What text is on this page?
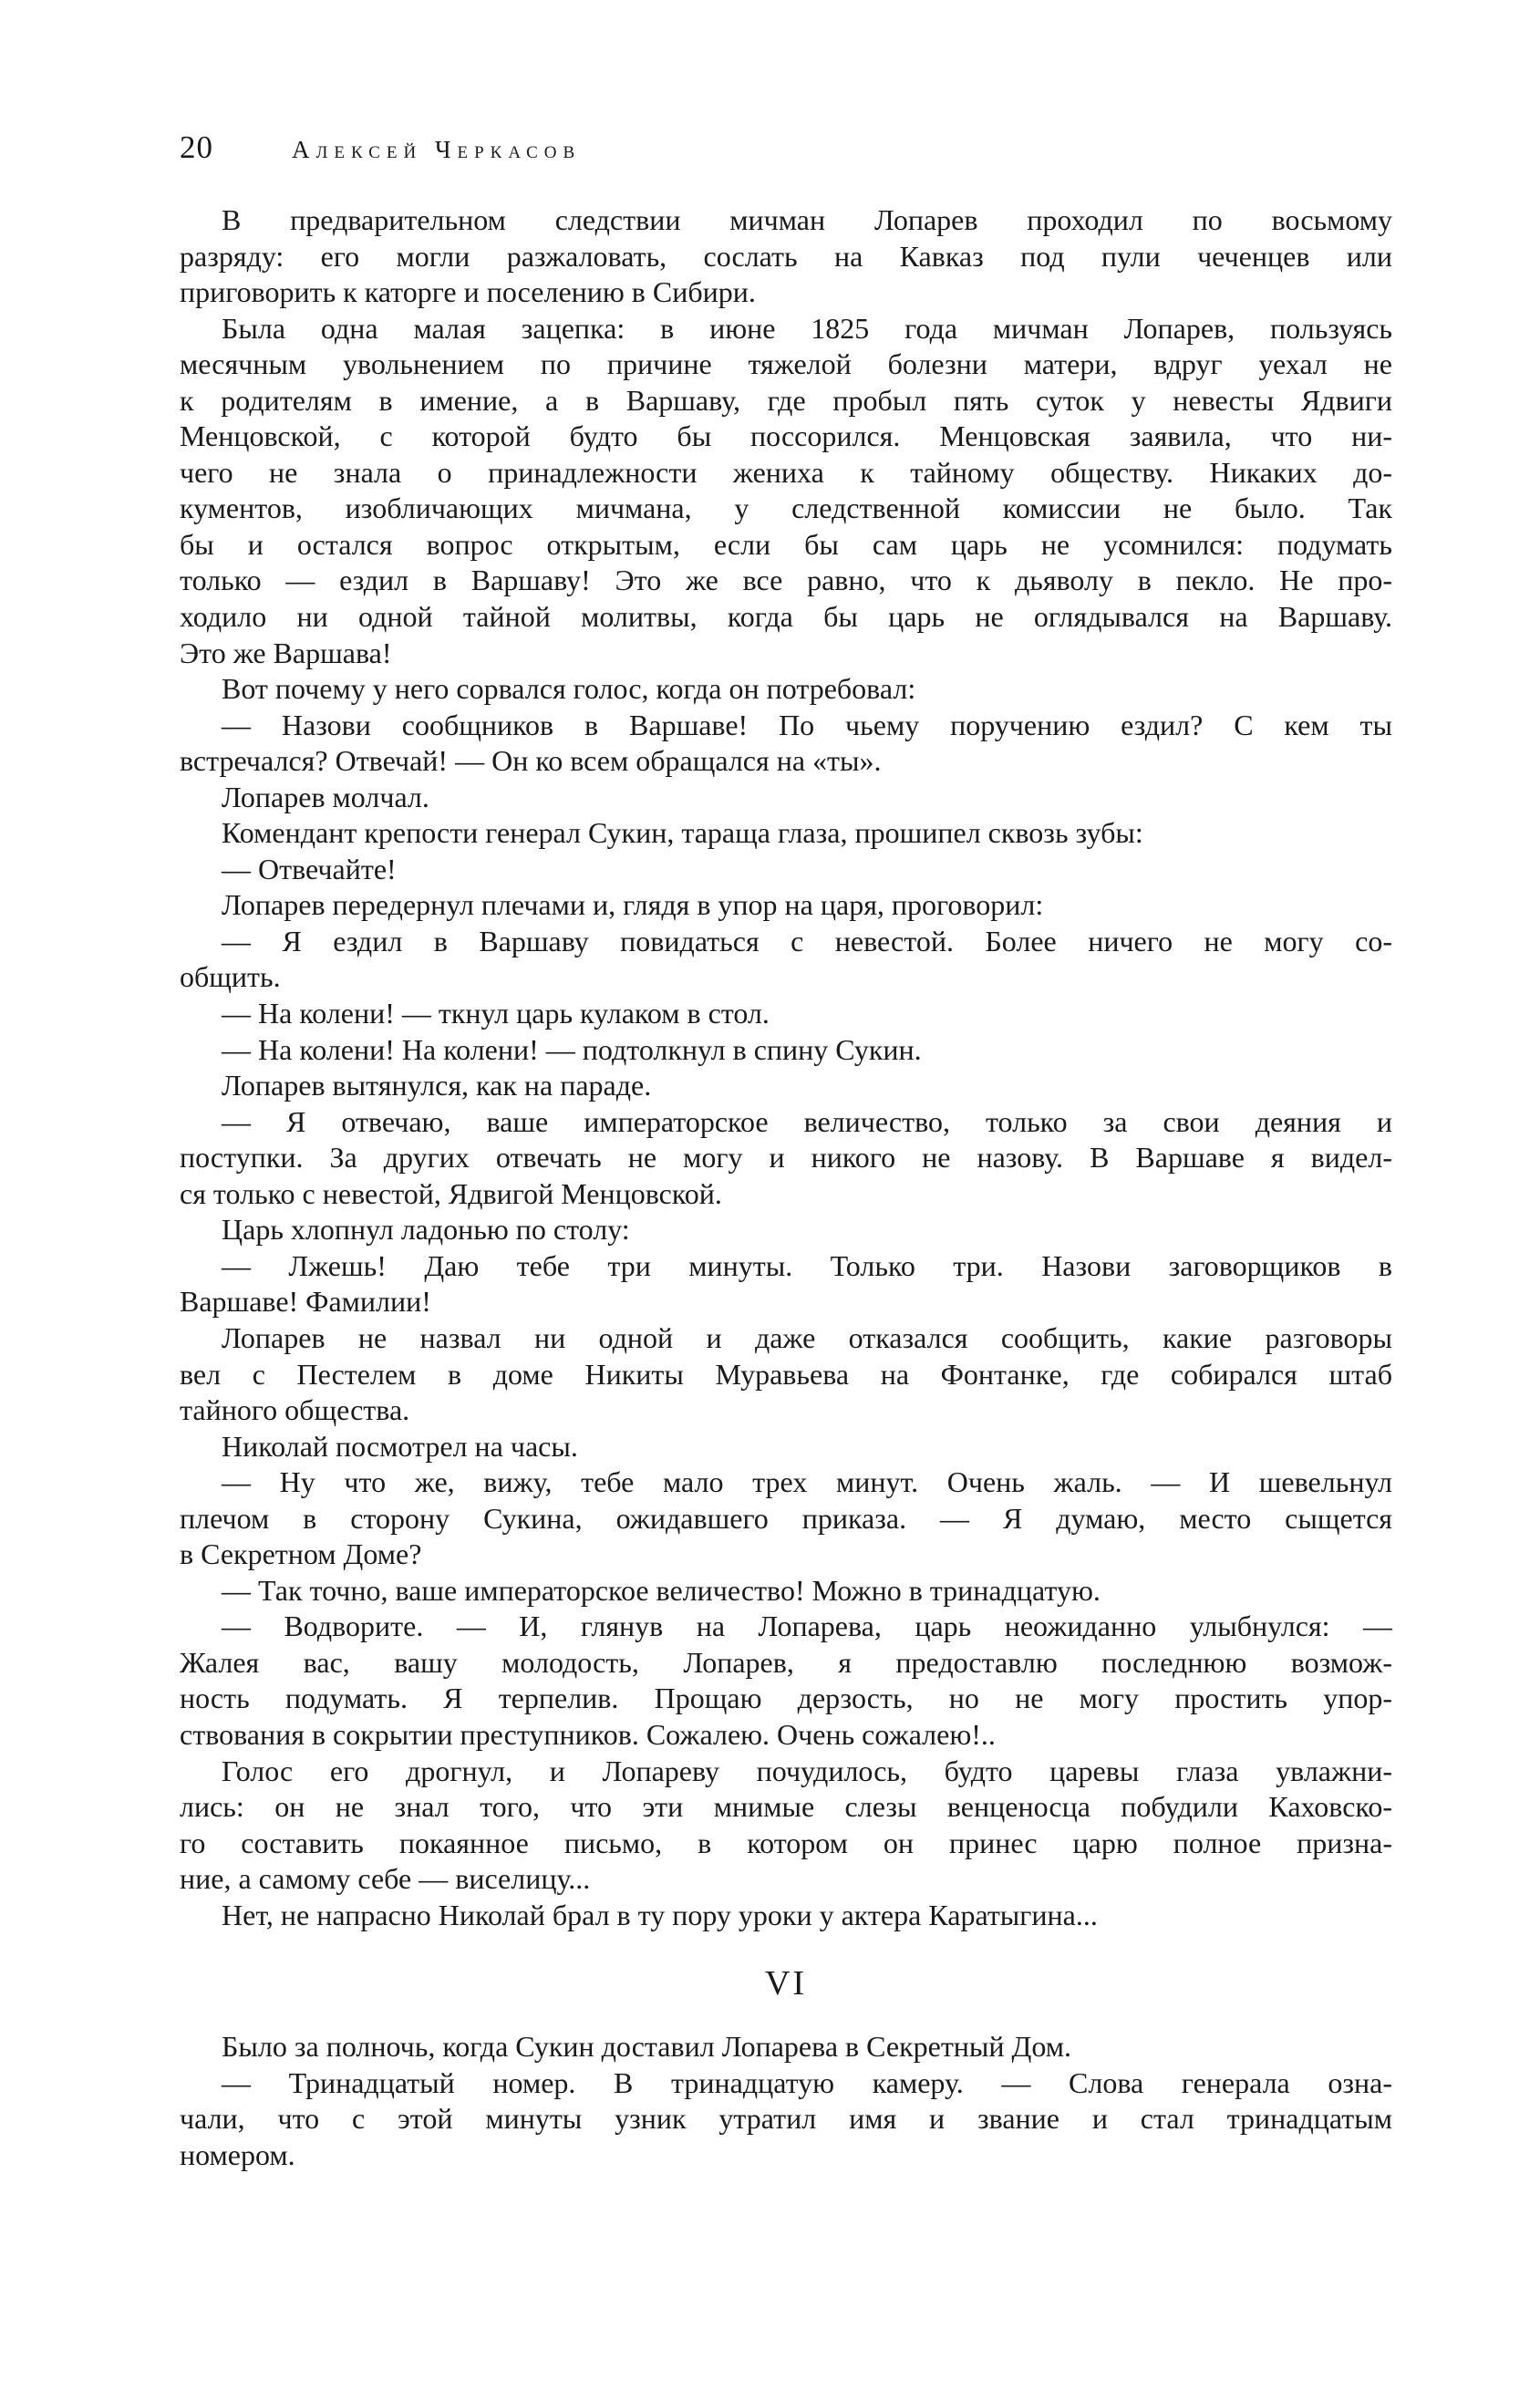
20	Алексей Черкасов
В предварительном следствии мичман Лопарев проходил по восьмому
разряду: его могли разжаловать, сослать на Кавказ под пули чеченцев или
приговорить к каторге и поселению в Сибири.
Была одна малая зацепка: в июне 1825 года мичман Лопарев, пользуясь
месячным увольнением по причине тяжелой болезни матери, вдруг уехал не
к родителям в имение, а в Варшаву, где пробыл пять суток у невесты Ядвиги
Менцовской, с которой будто бы поссорился. Менцовская заявила, что ни-
чего не знала о принадлежности жениха к тайному обществу. Никаких до-
кументов, изобличающих мичмана, у следственной комиссии не было. Так
бы и остался вопрос открытым, если бы сам царь не усомнился: подумать
только — ездил в Варшаву! Это же все равно, что к дьяволу в пекло. Не про-
ходило ни одной тайной молитвы, когда бы царь не оглядывался на Варшаву.
Это же Варшава!
Вот почему у него сорвался голос, когда он потребовал:
— Назови сообщников в Варшаве! По чьему поручению ездил? С кем ты
встречался? Отвечай! — Он ко всем обращался на «ты».
Лопарев молчал.
Комендант крепости генерал Сукин, тараща глаза, прошипел сквозь зубы:
— Отвечайте!
Лопарев передернул плечами и, глядя в упор на царя, проговорил:
— Я ездил в Варшаву повидаться с невестой. Более ничего не могу со-
общить.
— На колени! — ткнул царь кулаком в стол.
— На колени! На колени! — подтолкнул в спину Сукин.
Лопарев вытянулся, как на параде.
— Я отвечаю, ваше императорское величество, только за свои деяния и
поступки. За других отвечать не могу и никого не назову. В Варшаве я видел-
ся только с невестой, Ядвигой Менцовской.
Царь хлопнул ладонью по столу:
— Лжешь! Даю тебе три минуты. Только три. Назови заговорщиков в
Варшаве! Фамилии!
Лопарев не назвал ни одной и даже отказался сообщить, какие разговоры
вел с Пестелем в доме Никиты Муравьева на Фонтанке, где собирался штаб
тайного общества.
Николай посмотрел на часы.
— Ну что же, вижу, тебе мало трех минут. Очень жаль. — И шевельнул
плечом в сторону Сукина, ожидавшего приказа. — Я думаю, место сыщется
в Секретном Доме?
— Так точно, ваше императорское величество! Можно в тринадцатую.
— Водворите. — И, глянув на Лопарева, царь неожиданно улыбнулся: —
Жалея вас, вашу молодость, Лопарев, я предоставлю последнюю возмож-
ность подумать. Я терпелив. Прощаю дерзость, но не могу простить упор-
ствования в сокрытии преступников. Сожалею. Очень сожалею!..
Голос его дрогнул, и Лопареву почудилось, будто царевы глаза увлажни-
лись: он не знал того, что эти мнимые слезы венценосца побудили Каховско-
го составить покаянное письмо, в котором он принес царю полное призна-
ние, а самому себе — виселицу...
Нет, не напрасно Николай брал в ту пору уроки у актера Каратыгина...
VI
Было за полночь, когда Сукин доставил Лопарева в Секретный Дом.
— Тринадцатый номер. В тринадцатую камеру. — Слова генерала озна-
чали, что с этой минуты узник утратил имя и звание и стал тринадцатым
номером.
